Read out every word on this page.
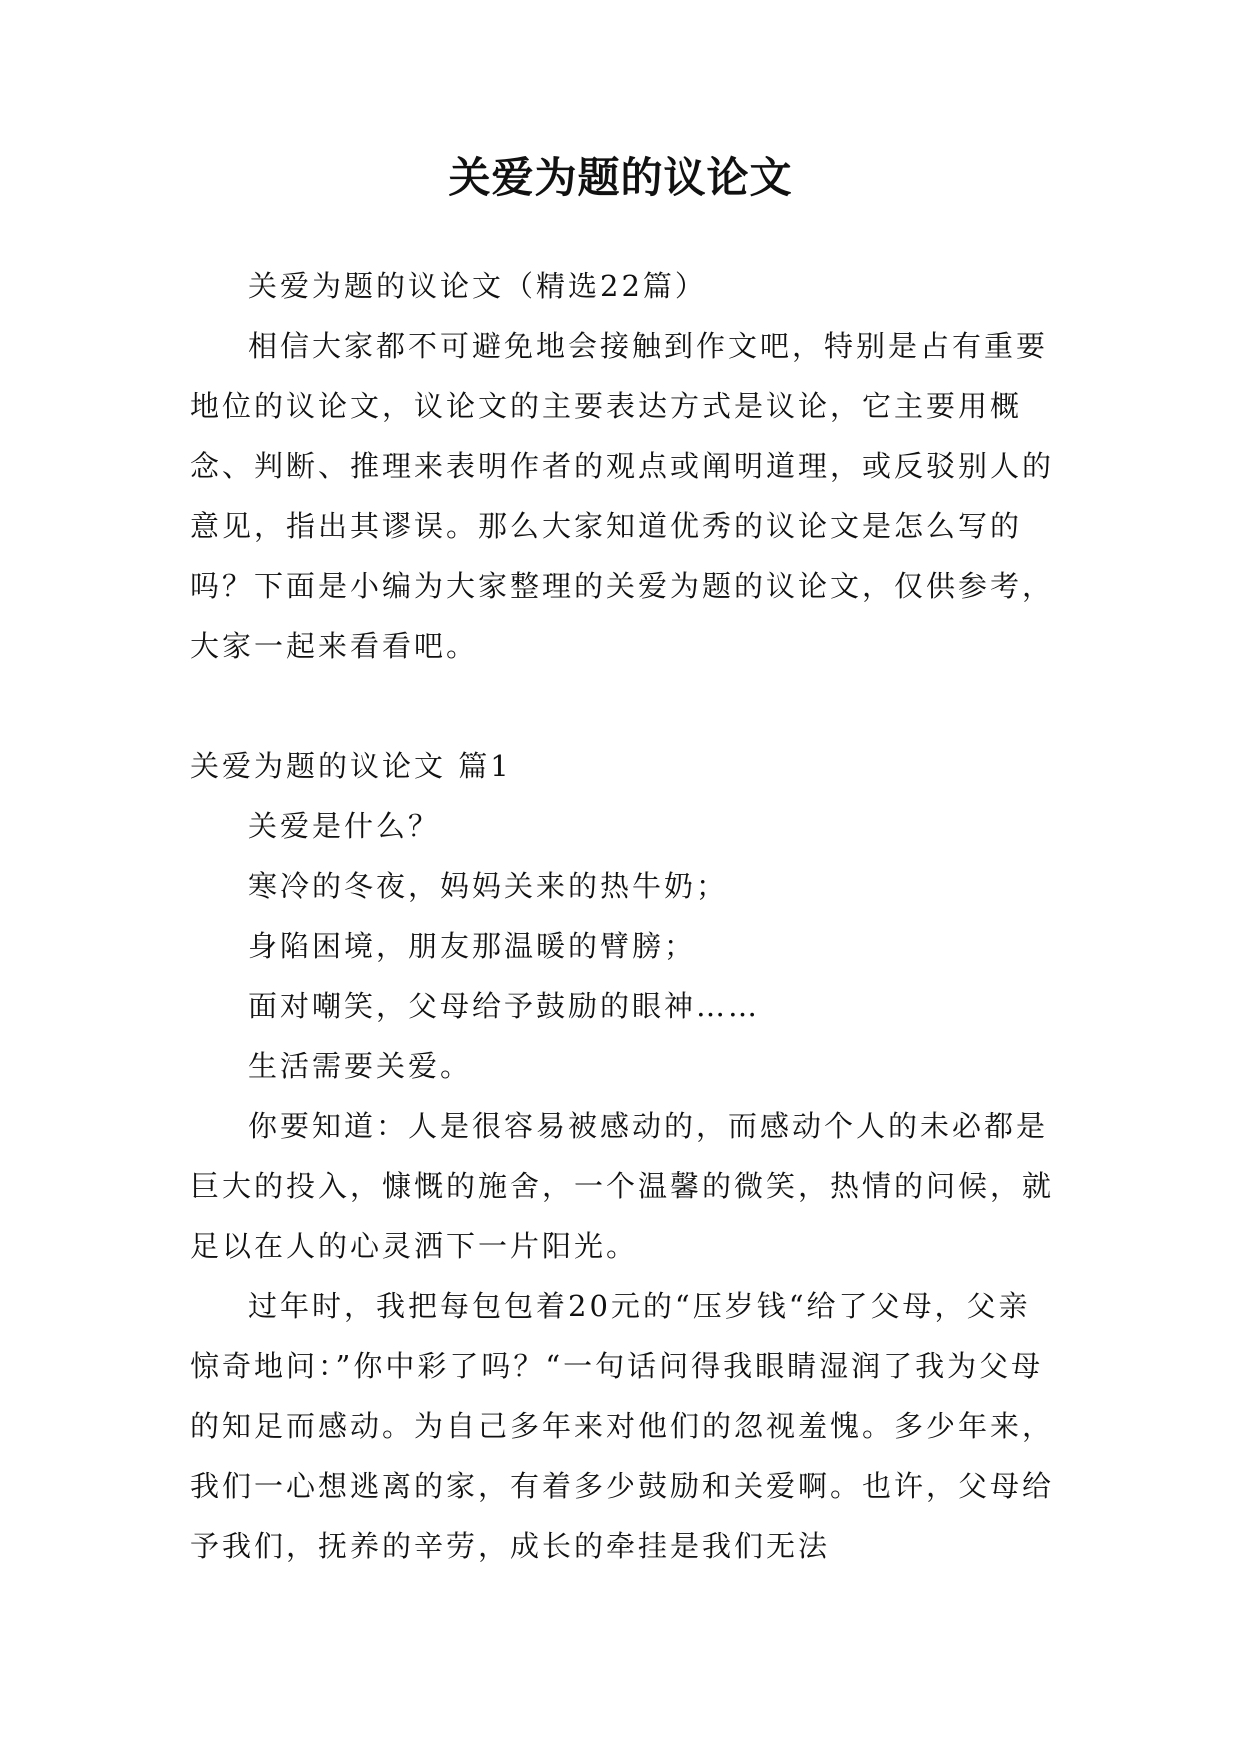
关爱为题的议论文

关爱为题的议论文（精选22篇）

相信大家都不可避免地会接触到作文吧，特别是占有重要地位的议论文，议论文的主要表达方式是议论，它主要用概念、判断、推理来表明作者的观点或阐明道理，或反驳别人的意见，指出其谬误。那么大家知道优秀的议论文是怎么写的吗？下面是小编为大家整理的关爱为题的议论文，仅供参考，大家一起来看看吧。

关爱为题的议论文 篇1

关爱是什么？

寒冷的冬夜，妈妈关来的热牛奶；

身陷困境，朋友那温暖的臂膀；

面对嘲笑，父母给予鼓励的眼神……

生活需要关爱。

你要知道：人是很容易被感动的，而感动个人的未必都是巨大的投入，慷慨的施舍，一个温馨的微笑，热情的问候，就足以在人的心灵洒下一片阳光。

过年时，我把每包包着20元的“压岁钱“给了父母，父亲惊奇地问：”你中彩了吗？“一句话问得我眼睛湿润了我为父母的知足而感动。为自己多年来对他们的忽视羞愧。多少年来，我们一心想逃离的家，有着多少鼓励和关爱啊。也许，父母给予我们，抚养的辛劳，成长的牵挂是我们无法
